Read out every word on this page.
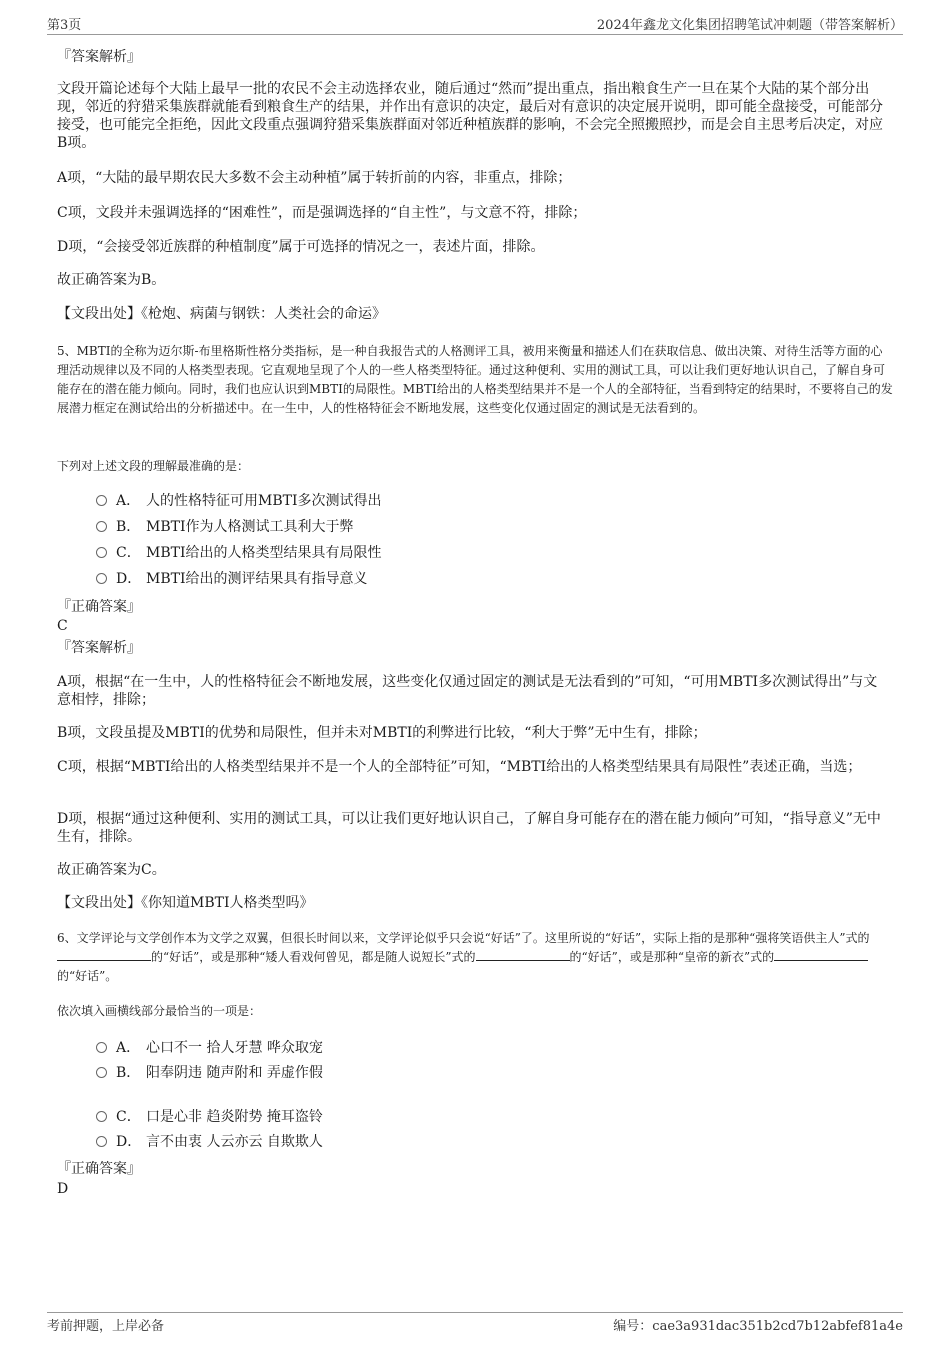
第3页	2024年鑫龙文化集团招聘笔试冲刺题（带答案解析）
『答案解析』

文段开篇论述每个大陆上最早一批的农民不会主动选择农业，随后通过“然而”提出重点，指出粮食生产一旦在某个大陆的某个部分出现，邻近的狩猎采集族群就能看到粮食生产的结果，并作出有意识的决定，最后对有意识的决定展开说明，即可能全盘接受，可能部分接受，也可能完全拒绝，因此文段重点强调狩猎采集族群面对邻近种植族群的影响，不会完全照搬照抄，而是会自主思考后决定，对应B项。

A项，“大陆的最早期农民大多数不会主动种植”属于转折前的内容，非重点，排除；

C项，文段并未强调选择的“困难性”，而是强调选择的“自主性”，与文意不符，排除；

D项，“会接受邻近族群的种植制度”属于可选择的情况之一，表述片面，排除。

故正确答案为B。

【文段出处】《枪炮、病菌与钢铁：人类社会的命运》

5、MBTI的全称为迈尔斯-布里格斯性格分类指标，是一种自我报告式的人格测评工具，被用来衡量和描述人们在获取信息、做出决策、对待生活等方面的心理活动规律以及不同的人格类型表现。它直观地呈现了个人的一些人格类型特征。通过这种便利、实用的测试工具，可以让我们更好地认识自己，了解自身可能存在的潜在能力倾向。同时，我们也应认识到MBTI的局限性。MBTI给出的人格类型结果并不是一个人的全部特征，当看到特定的结果时，不要将自己的发展潜力框定在测试给出的分析描述中。在一生中，人的性格特征会不断地发展，这些变化仅通过固定的测试是无法看到的。

下列对上述文段的理解最准确的是：

A． 人的性格特征可用MBTI多次测试得出
B． MBTI作为人格测试工具利大于弊
C． MBTI给出的人格类型结果具有局限性
D． MBTI给出的测评结果具有指导意义
『正确答案』
C
『答案解析』

A项，根据“在一生中，人的性格特征会不断地发展，这些变化仅通过固定的测试是无法看到的”可知，“可用MBTI多次测试得出”与文意相悖，排除；

B项，文段虽提及MBTI的优势和局限性，但并未对MBTI的利弊进行比较，“利大于弊”无中生有，排除；

C项，根据“MBTI给出的人格类型结果并不是一个人的全部特征”可知，“MBTI给出的人格类型结果具有局限性”表述正确，当选；

D项，根据“通过这种便利、实用的测试工具，可以让我们更好地认识自己，了解自身可能存在的潜在能力倾向”可知，“指导意义”无中生有，排除。

故正确答案为C。

【文段出处】《你知道MBTI人格类型吗》

6、文学评论与文学创作本为文学之双翼，但很长时间以来，文学评论似乎只会说“好话”了。这里所说的“好话”，实际上指的是那种“强将笑语供主人”式的的“好话”，或是那种“矮人看戏何曾见，都是随人说短长”式的	的“好话”，或是那种“皇帝的新衣”式的的“好话”。

依次填入画横线部分最恰当的一项是：

A． 心口不一 拾人牙慧 哗众取宠
B． 阳奉阴违 随声附和 弄虚作假
C． 口是心非 趋炎附势 掩耳盗铃
D． 言不由衷 人云亦云 自欺欺人
『正确答案』
D
考前押题，上岸必备	编号：cae3a931dac351b2cd7b12abfef81a4e
